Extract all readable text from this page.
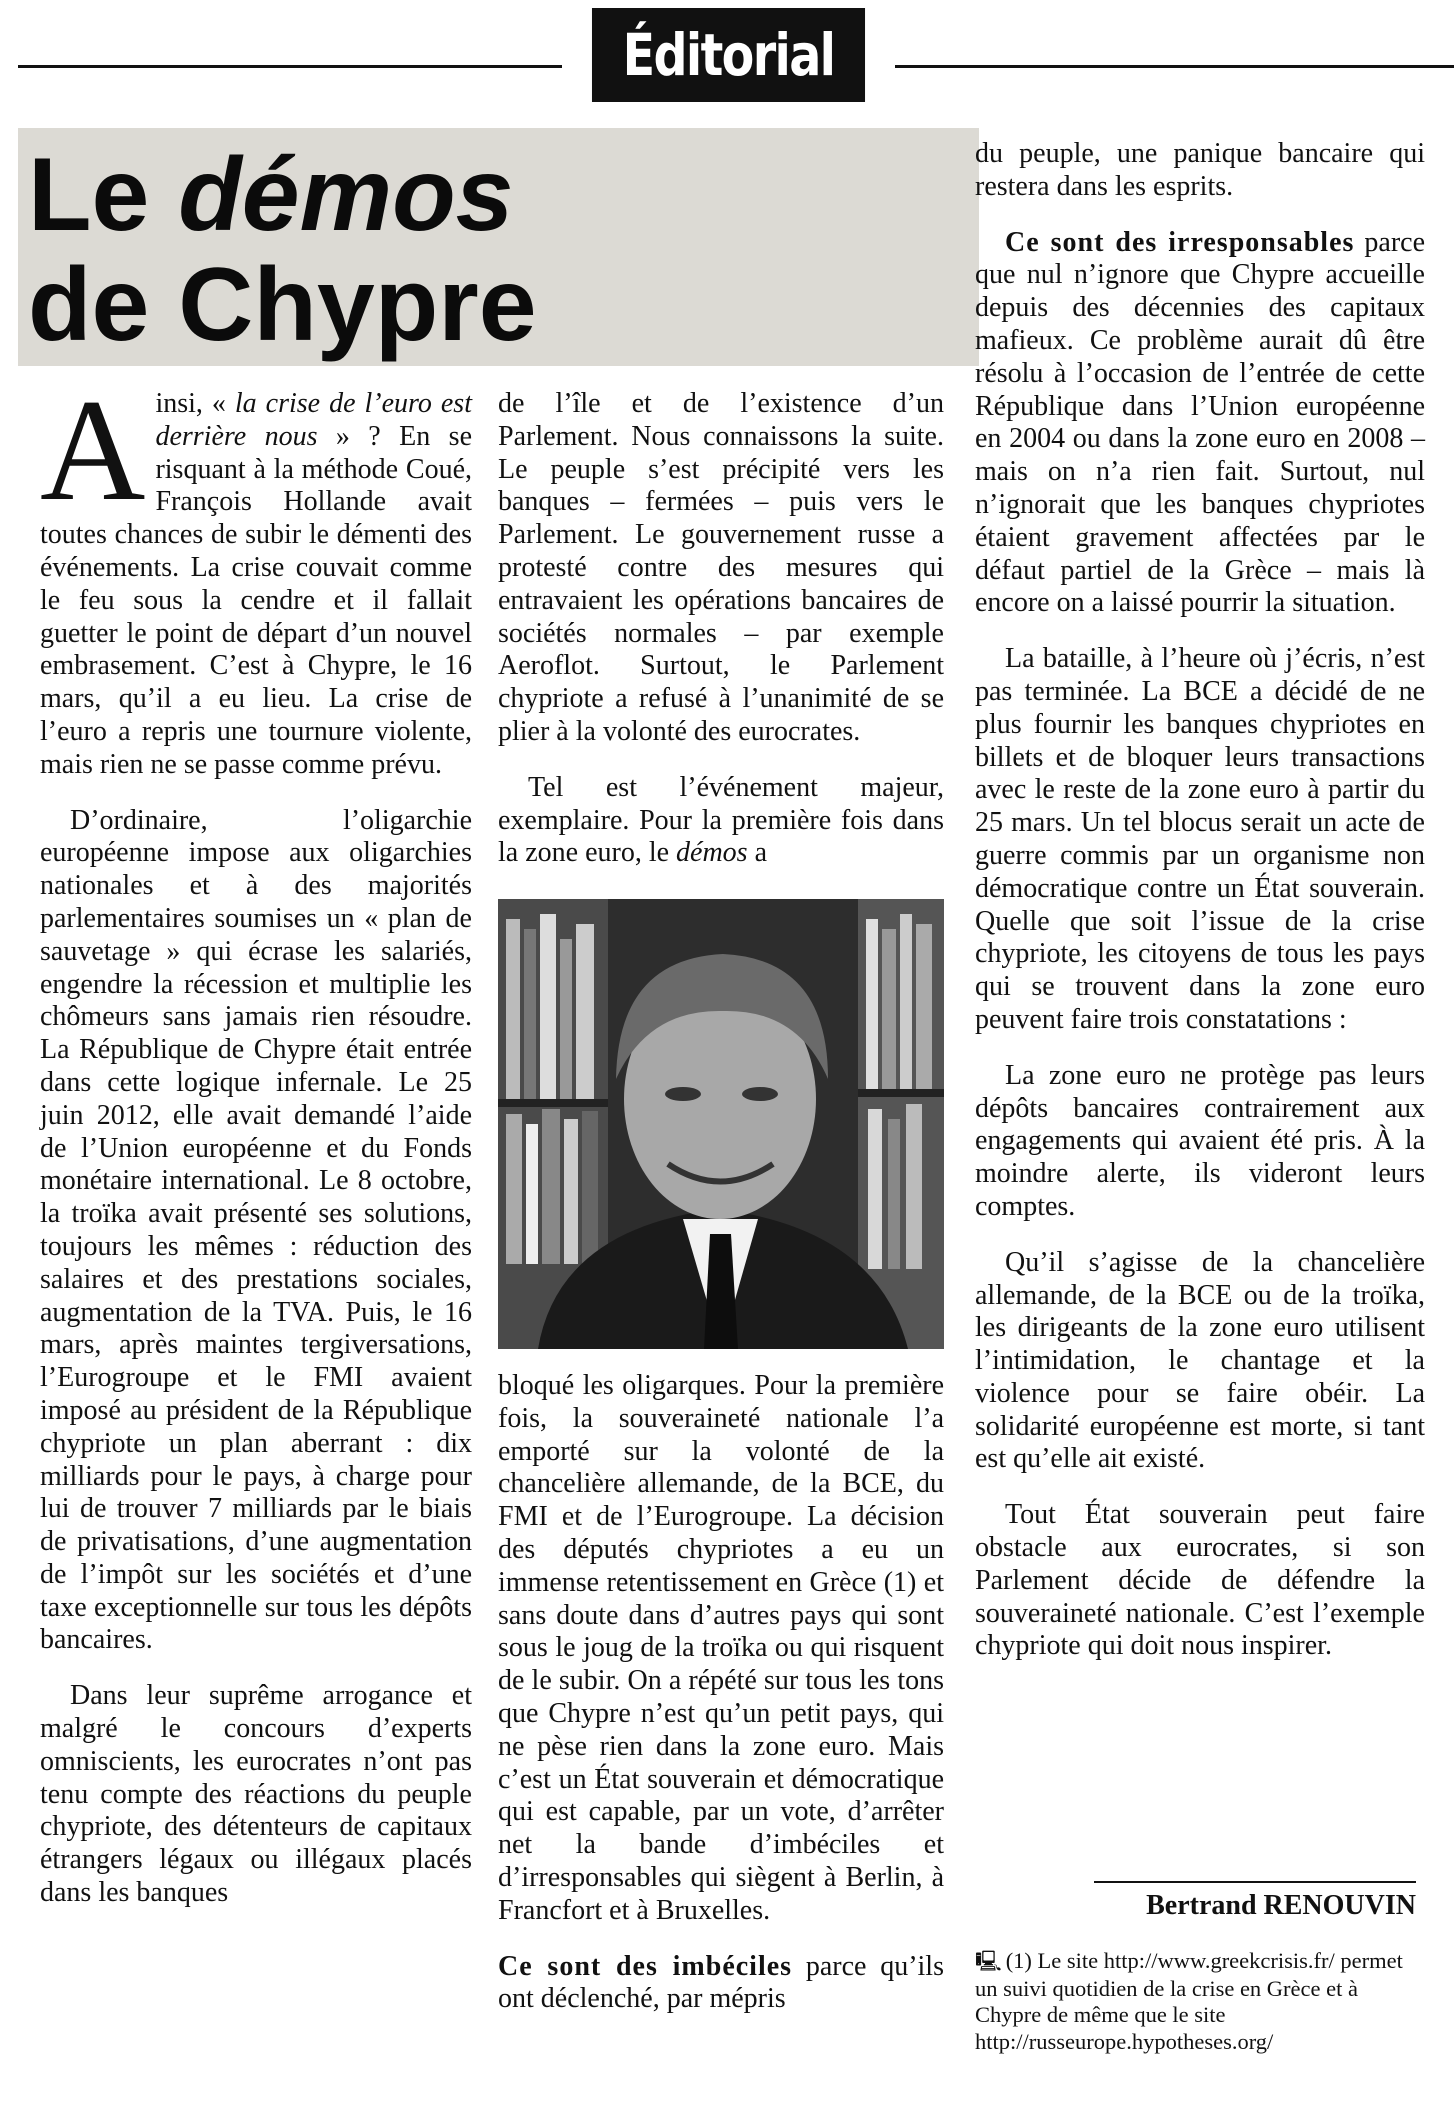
Éditorial
Le démos
de Chypre

Ainsi, « la crise de l’euro est derrière nous » ? En se risquant à la méthode Coué, François Hollande avait toutes chances de subir le démenti des événements. La crise couvait comme le feu sous la cendre et il fallait guetter le point de départ d’un nouvel embrasement. C’est à Chypre, le 16 mars, qu’il a eu lieu. La crise de l’euro a repris une tournure violente, mais rien ne se passe comme prévu.

D’ordinaire, l’oligarchie européenne impose aux oligarchies nationales et à des majorités parlementaires soumises un « plan de sauvetage » qui écrase les salariés, engendre la récession et multiplie les chômeurs sans jamais rien résoudre. La République de Chypre était entrée dans cette logique infernale. Le 25 juin 2012, elle avait demandé l’aide de l’Union européenne et du Fonds monétaire international. Le 8 octobre, la troïka avait présenté ses solutions, toujours les mêmes : réduction des salaires et des prestations sociales, augmentation de la TVA. Puis, le 16 mars, après maintes tergiversations, l’Eurogroupe et le FMI avaient imposé au président de la République chypriote un plan aberrant : dix milliards pour le pays, à charge pour lui de trouver 7 milliards par le biais de privatisations, d’une augmentation de l’impôt sur les sociétés et d’une taxe exceptionnelle sur tous les dépôts bancaires.

Dans leur suprême arrogance et malgré le concours d’experts omniscients, les eurocrates n’ont pas tenu compte des réactions du peuple chypriote, des détenteurs de capitaux étrangers légaux ou illégaux placés dans les banques

de l’île et de l’existence d’un Parlement. Nous connaissons la suite. Le peuple s’est précipité vers les banques – fermées – puis vers le Parlement. Le gouvernement russe a protesté contre des mesures qui entravaient les opérations bancaires de sociétés normales – par exemple Aeroflot. Surtout, le Parlement chypriote a refusé à l’unanimité de se plier à la volonté des eurocrates.

Tel est l’événement majeur, exemplaire. Pour la première fois dans la zone euro, le démos a

bloqué les oligarques. Pour la première fois, la souveraineté nationale l’a emporté sur la volonté de la chancelière allemande, de la BCE, du FMI et de l’Eurogroupe. La décision des députés chypriotes a eu un immense retentissement en Grèce (1) et sans doute dans d’autres pays qui sont sous le joug de la troïka ou qui risquent de le subir. On a répété sur tous les tons que Chypre n’est qu’un petit pays, qui ne pèse rien dans la zone euro. Mais c’est un État souverain et démocratique qui est capable, par un vote, d’arrêter net la bande d’imbéciles et d’irresponsables qui siègent à Berlin, à Francfort et à Bruxelles.

Ce sont des imbéciles parce qu’ils ont déclenché, par mépris

du peuple, une panique bancaire qui restera dans les esprits.

Ce sont des irresponsables parce que nul n’ignore que Chypre accueille depuis des décennies des capitaux mafieux. Ce problème aurait dû être résolu à l’occasion de l’entrée de cette République dans l’Union européenne en 2004 ou dans la zone euro en 2008 – mais on n’a rien fait. Surtout, nul n’ignorait que les banques chypriotes étaient gravement affectées par le défaut partiel de la Grèce – mais là encore on a laissé pourrir la situation.

La bataille, à l’heure où j’écris, n’est pas terminée. La BCE a décidé de ne plus fournir les banques chypriotes en billets et de bloquer leurs transactions avec le reste de la zone euro à partir du 25 mars. Un tel blocus serait un acte de guerre commis par un organisme non démocratique contre un État souverain. Quelle que soit l’issue de la crise chypriote, les citoyens de tous les pays qui se trouvent dans la zone euro peuvent faire trois constatations :

La zone euro ne protège pas leurs dépôts bancaires contrairement aux engagements qui avaient été pris. À la moindre alerte, ils videront leurs comptes.

Qu’il s’agisse de la chancelière allemande, de la BCE ou de la troïka, les dirigeants de la zone euro utilisent l’intimidation, le chantage et la violence pour se faire obéir. La solidarité européenne est morte, si tant est qu’elle ait existé.

Tout État souverain peut faire obstacle aux eurocrates, si son Parlement décide de défendre la souveraineté nationale. C’est l’exemple chypriote qui doit nous inspirer.

Bertrand RENOUVIN
🖳 (1) Le site http://www.greekcrisis.fr/ permet un suivi quotidien de la crise en Grèce et à Chypre de même que le site http://russeurope.hypotheses.org/
